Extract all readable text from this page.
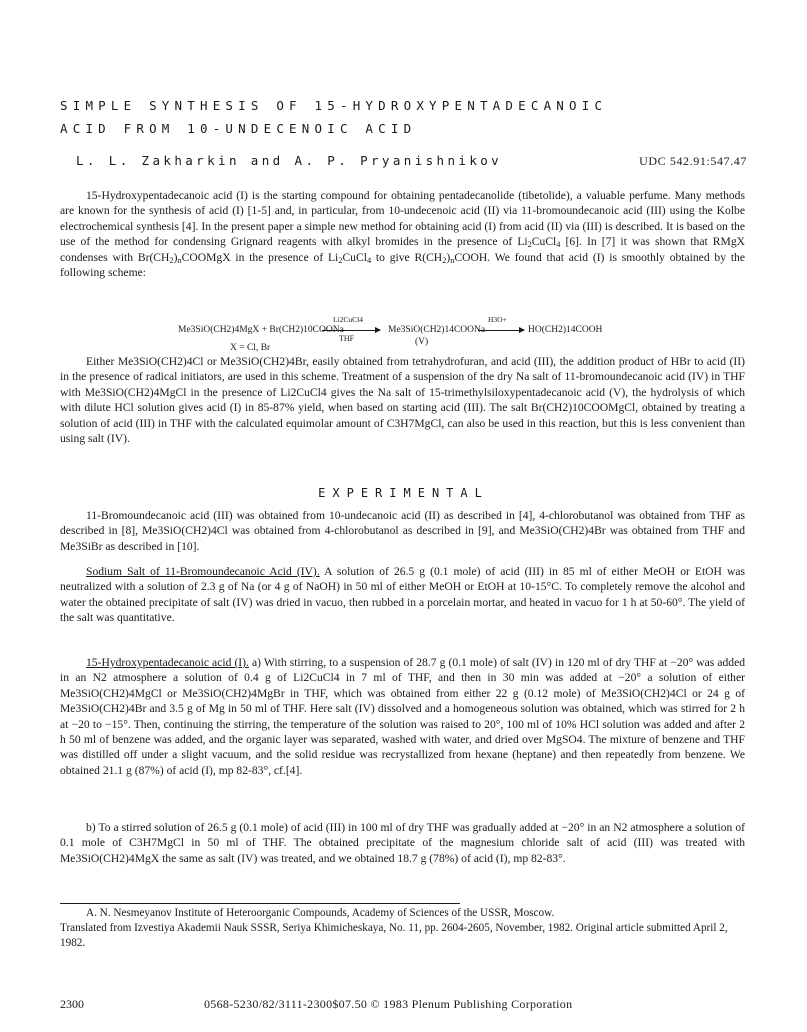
SIMPLE SYNTHESIS OF 15-HYDROXYPENTADECANOIC
ACID FROM 10-UNDECENOIC ACID
L. L. Zakharkin and A. P. Pryanishnikov	UDC 542.91:547.47

15-Hydroxypentadecanoic acid (I) is the starting compound for obtaining pentadecanolide (tibetolide), a valuable perfume. Many methods are known for the synthesis of acid (I) [1-5] and, in particular, from 10-undecenoic acid (II) via 11-bromoundecanoic acid (III) using the Kolbe electrochemical synthesis [4]. In the present paper a simple new method for obtaining acid (I) from acid (II) via (III) is described. It is based on the use of the method for condensing Grignard reagents with alkyl bromides in the presence of $Li_2CuCl_4$ [6]. In [7] it was shown that RMgX condenses with $Br(CH_2)_nCOOMgX$ in the presence of $Li_2CuCl_4$ to give $R(CH_2)_nCOOH$. We found that acid (I) is smoothly obtained by the following scheme:

Me3SiO(CH2)4MgX + Br(CH2)10COONa
Li2CuCl4
THF
Me3SiO(CH2)14COONa
(V)
H3O+
HO(CH2)14COOH
X = Cl, Br

Either Me3SiO(CH2)4Cl or Me3SiO(CH2)4Br, easily obtained from tetrahydrofuran, and acid (III), the addition product of HBr to acid (II) in the presence of radical initiators, are used in this scheme. Treatment of a suspension of the dry Na salt of 11-bromoundecanoic acid (IV) in THF with Me3SiO(CH2)4MgCl in the presence of Li2CuCl4 gives the Na salt of 15-trimethylsiloxypentadecanoic acid (V), the hydrolysis of which with dilute HCl solution gives acid (I) in 85-87% yield, when based on starting acid (III). The salt Br(CH2)10COOMgCl, obtained by treating a solution of acid (III) in THF with the calculated equimolar amount of C3H7MgCl, can also be used in this reaction, but this is less convenient than using salt (IV).

EXPERIMENTAL

11-Bromoundecanoic acid (III) was obtained from 10-undecanoic acid (II) as described in [4], 4-chlorobutanol was obtained from THF as described in [8], Me3SiO(CH2)4Cl was obtained from 4-chlorobutanol as described in [9], and Me3SiO(CH2)4Br was obtained from THF and Me3SiBr as described in [10].

Sodium Salt of 11-Bromoundecanoic Acid (IV). A solution of 26.5 g (0.1 mole) of acid (III) in 85 ml of either MeOH or EtOH was neutralized with a solution of 2.3 g of Na (or 4 g of NaOH) in 50 ml of either MeOH or EtOH at 10-15°C. To completely remove the alcohol and water the obtained precipitate of salt (IV) was dried in vacuo, then rubbed in a porcelain mortar, and heated in vacuo for 1 h at 50-60°. The yield of the salt was quantitative.

15-Hydroxypentadecanoic acid (I). a) With stirring, to a suspension of 28.7 g (0.1 mole) of salt (IV) in 120 ml of dry THF at −20° was added in an N2 atmosphere a solution of 0.4 g of Li2CuCl4 in 7 ml of THF, and then in 30 min was added at −20° a solution of either Me3SiO(CH2)4MgCl or Me3SiO(CH2)4MgBr in THF, which was obtained from either 22 g (0.12 mole) of Me3SiO(CH2)4Cl or 24 g of Me3SiO(CH2)4Br and 3.5 g of Mg in 50 ml of THF. Here salt (IV) dissolved and a homogeneous solution was obtained, which was stirred for 2 h at −20 to −15°. Then, continuing the stirring, the temperature of the solution was raised to 20°, 100 ml of 10% HCl solution was added and after 2 h 50 ml of benzene was added, and the organic layer was separated, washed with water, and dried over MgSO4. The mixture of benzene and THF was distilled off under a slight vacuum, and the solid residue was recrystallized from hexane (heptane) and then repeatedly from benzene. We obtained 21.1 g (87%) of acid (I), mp 82-83°, cf.[4].

b) To a stirred solution of 26.5 g (0.1 mole) of acid (III) in 100 ml of dry THF was gradually added at −20° in an N2 atmosphere a solution of 0.1 mole of C3H7MgCl in 50 ml of THF. The obtained precipitate of the magnesium chloride salt of acid (III) was treated with Me3SiO(CH2)4MgX the same as salt (IV) was treated, and we obtained 18.7 g (78%) of acid (I), mp 82-83°.

A. N. Nesmeyanov Institute of Heteroorganic Compounds, Academy of Sciences of the USSR, Moscow.
Translated from Izvestiya Akademii Nauk SSSR, Seriya Khimicheskaya, No. 11, pp. 2604-2605, November, 1982. Original article submitted April 2, 1982.
2300	0568-5230/82/3111-2300$07.50 © 1983 Plenum Publishing Corporation
